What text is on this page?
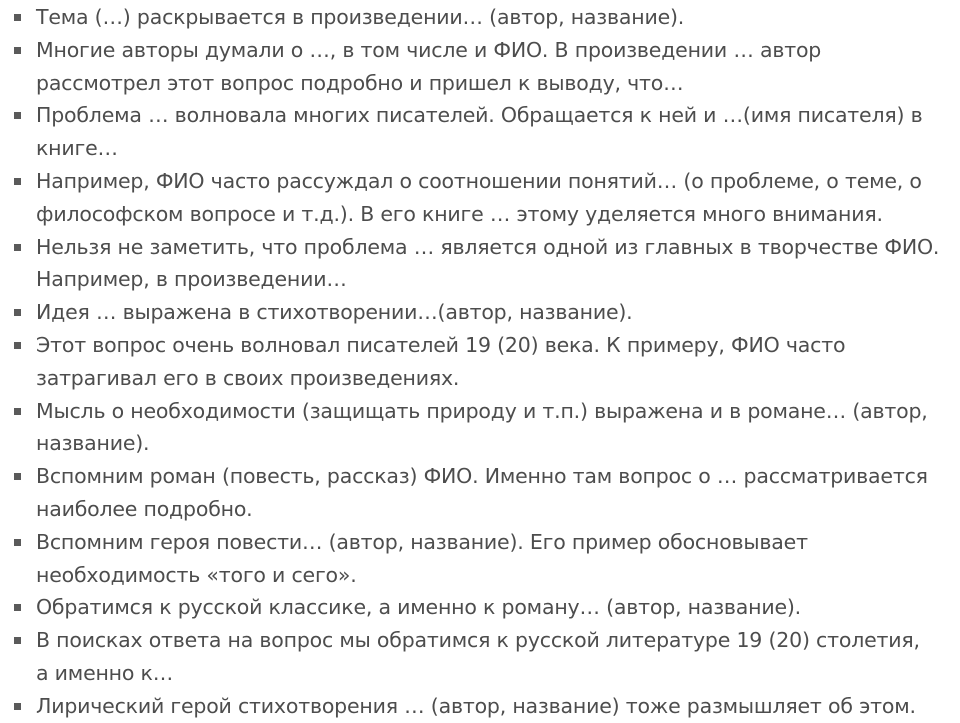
Тема (…) раскрывается в произведении… (автор, название).
Многие авторы думали о …, в том числе и ФИО. В произведении … автор
рассмотрел этот вопрос подробно и пришел к выводу, что…
Проблема … волновала многих писателей. Обращается к ней и …(имя писателя) в
книге…
Например, ФИО часто рассуждал о соотношении понятий… (о проблеме, о теме, о
философском вопросе и т.д.). В его книге … этому уделяется много внимания.
Нельзя не заметить, что проблема … является одной из главных в творчестве ФИО.
Например, в произведении…
Идея … выражена в стихотворении…(автор, название).
Этот вопрос очень волновал писателей 19 (20) века. К примеру, ФИО часто
затрагивал его в своих произведениях.
Мысль о необходимости (защищать природу и т.п.) выражена и в романе… (автор,
название).
Вспомним роман (повесть, рассказ) ФИО. Именно там вопрос о … рассматривается
наиболее подробно.
Вспомним героя повести… (автор, название). Его пример обосновывает
необходимость «того и сего».
Обратимся к русской классике, а именно к роману… (автор, название).
В поисках ответа на вопрос мы обратимся к русской литературе 19 (20) столетия,
а именно к…
Лирический герой стихотворения … (автор, название) тоже размышляет об этом.
